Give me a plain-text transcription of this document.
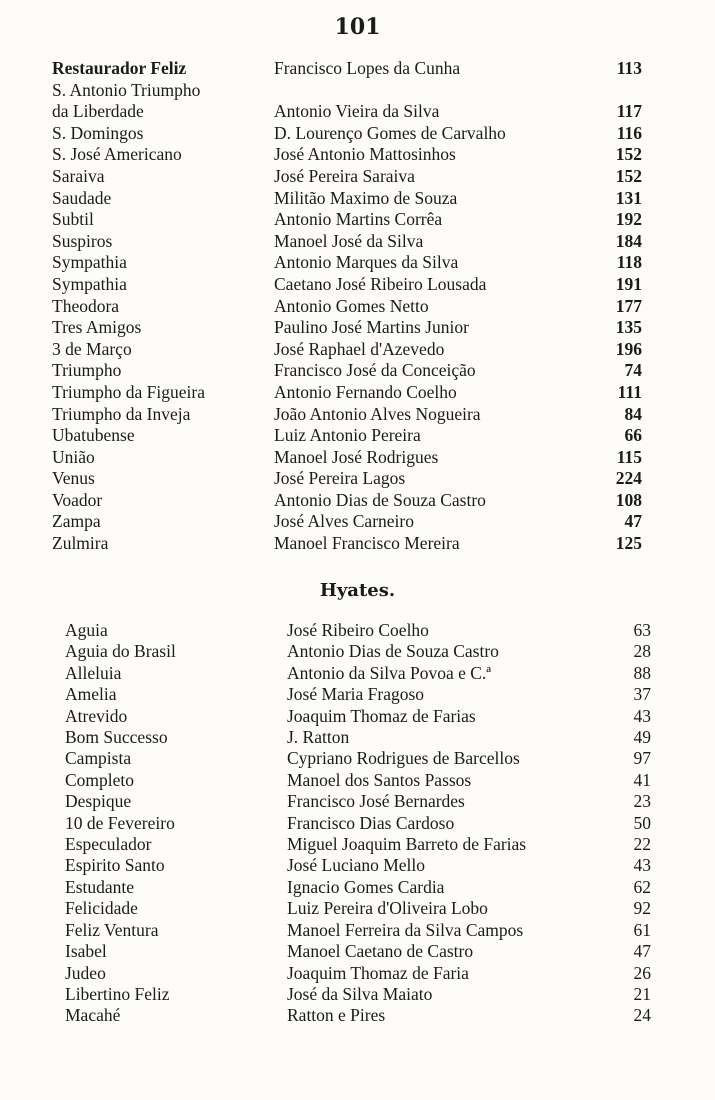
101
Restaurador Feliz	Francisco Lopes da Cunha	113
S. Antonio Triumpho		
da Liberdade	Antonio Vieira da Silva	117
S. Domingos	D. Lourenço Gomes de Carvalho	116
S. José Americano	José Antonio Mattosinhos	152
Saraiva	José Pereira Saraiva	152
Saudade	Militão Maximo de Souza	131
Subtil	Antonio Martins Corrêa	192
Suspiros	Manoel José da Silva	184
Sympathia	Antonio Marques da Silva	118
Sympathia	Caetano José Ribeiro Lousada	191
Theodora	Antonio Gomes Netto	177
Tres Amigos	Paulino José Martins Junior	135
3 de Março	José Raphael d'Azevedo	196
Triumpho	Francisco José da Conceição	74
Triumpho da Figueira	Antonio Fernando Coelho	111
Triumpho da Inveja	João Antonio Alves Nogueira	84
Ubatubense	Luiz Antonio Pereira	66
União	Manoel José Rodrigues	115
Venus	José Pereira Lagos	224
Voador	Antonio Dias de Souza Castro	108
Zampa	José Alves Carneiro	47
Zulmira	Manoel Francisco Mereira	125
Hyates.
Aguia	José Ribeiro Coelho	63
Aguia do Brasil	Antonio Dias de Souza Castro	28
Alleluia	Antonio da Silva Povoa e C.ª	88
Amelia	José Maria Fragoso	37
Atrevido	Joaquim Thomaz de Farias	43
Bom Successo	J. Ratton	49
Campista	Cypriano Rodrigues de Barcellos	97
Completo	Manoel dos Santos Passos	41
Despique	Francisco José Bernardes	23
10 de Fevereiro	Francisco Dias Cardoso	50
Especulador	Miguel Joaquim Barreto de Farias	22
Espirito Santo	José Luciano Mello	43
Estudante	Ignacio Gomes Cardia	62
Felicidade	Luiz Pereira d'Oliveira Lobo	92
Feliz Ventura	Manoel Ferreira da Silva Campos	61
Isabel	Manoel Caetano de Castro	47
Judeo	Joaquim Thomaz de Faria	26
Libertino Feliz	José da Silva Maiato	21
Macahé	Ratton e Pires	24
